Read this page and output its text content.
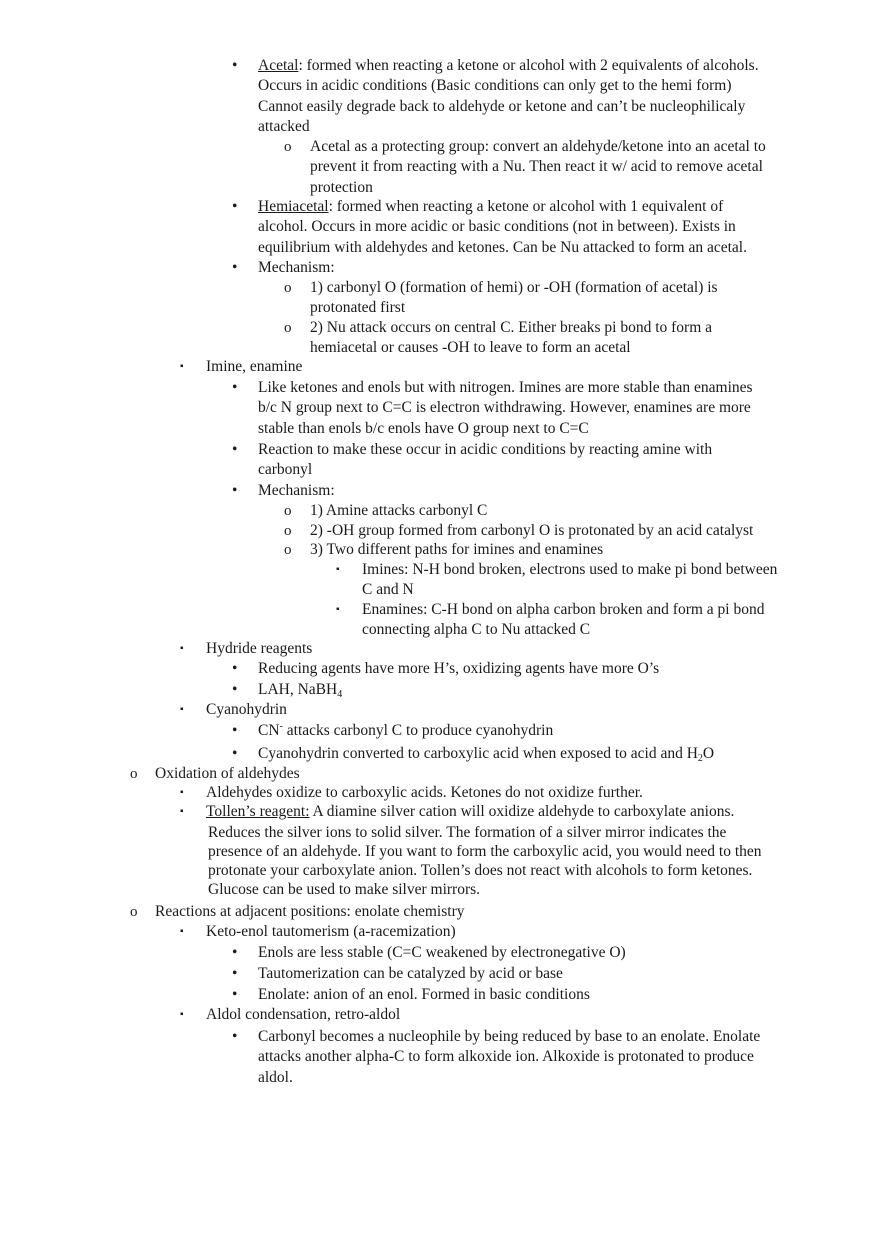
•	Acetal: formed when reacting a ketone or alcohol with 2 equivalents of alcohols.
Occurs in acidic conditions (Basic conditions can only get to the hemi form)
Cannot easily degrade back to aldehyde or ketone and can’t be nucleophilicaly
attacked
o	Acetal as a protecting group: convert an aldehyde/ketone into an acetal to
prevent it from reacting with a Nu. Then react it w/ acid to remove acetal
protection
•	Hemiacetal: formed when reacting a ketone or alcohol with 1 equivalent of
alcohol. Occurs in more acidic or basic conditions (not in between). Exists in
equilibrium with aldehydes and ketones. Can be Nu attacked to form an acetal.
•	Mechanism:
o	1) carbonyl O (formation of hemi) or -OH (formation of acetal) is
protonated first
o	2) Nu attack occurs on central C. Either breaks pi bond to form a
hemiacetal or causes -OH to leave to form an acetal
▪	Imine, enamine
•	Like ketones and enols but with nitrogen. Imines are more stable than enamines
b/c N group next to C=C is electron withdrawing. However, enamines are more
stable than enols b/c enols have O group next to C=C
•	Reaction to make these occur in acidic conditions by reacting amine with
carbonyl
•	Mechanism:
o	1) Amine attacks carbonyl C
o	2) -OH group formed from carbonyl O is protonated by an acid catalyst
o	3) Two different paths for imines and enamines
▪	Imines: N-H bond broken, electrons used to make pi bond between
C and N
▪	Enamines: C-H bond on alpha carbon broken and form a pi bond
connecting alpha C to Nu attacked C
▪	Hydride reagents
•	Reducing agents have more H’s, oxidizing agents have more O’s
•	LAH, NaBH$_4$
▪	Cyanohydrin
•	CN- attacks carbonyl C to produce cyanohydrin
•	Cyanohydrin converted to carboxylic acid when exposed to acid and $H_2O$
o	Oxidation of aldehydes
▪	Aldehydes oxidize to carboxylic acids. Ketones do not oxidize further.
▪	Tollen’s reagent: A diamine silver cation will oxidize aldehyde to carboxylate anions.
Reduces the silver ions to solid silver. The formation of a silver mirror indicates the
presence of an aldehyde. If you want to form the carboxylic acid, you would need to then
protonate your carboxylate anion. Tollen’s does not react with alcohols to form ketones.
Glucose can be used to make silver mirrors.
o	Reactions at adjacent positions: enolate chemistry
▪	Keto-enol tautomerism (a-racemization)
•	Enols are less stable (C=C weakened by electronegative O)
•	Tautomerization can be catalyzed by acid or base
•	Enolate: anion of an enol. Formed in basic conditions
▪	Aldol condensation, retro-aldol
•	Carbonyl becomes a nucleophile by being reduced by base to an enolate. Enolate
attacks another alpha-C to form alkoxide ion. Alkoxide is protonated to produce
aldol.
